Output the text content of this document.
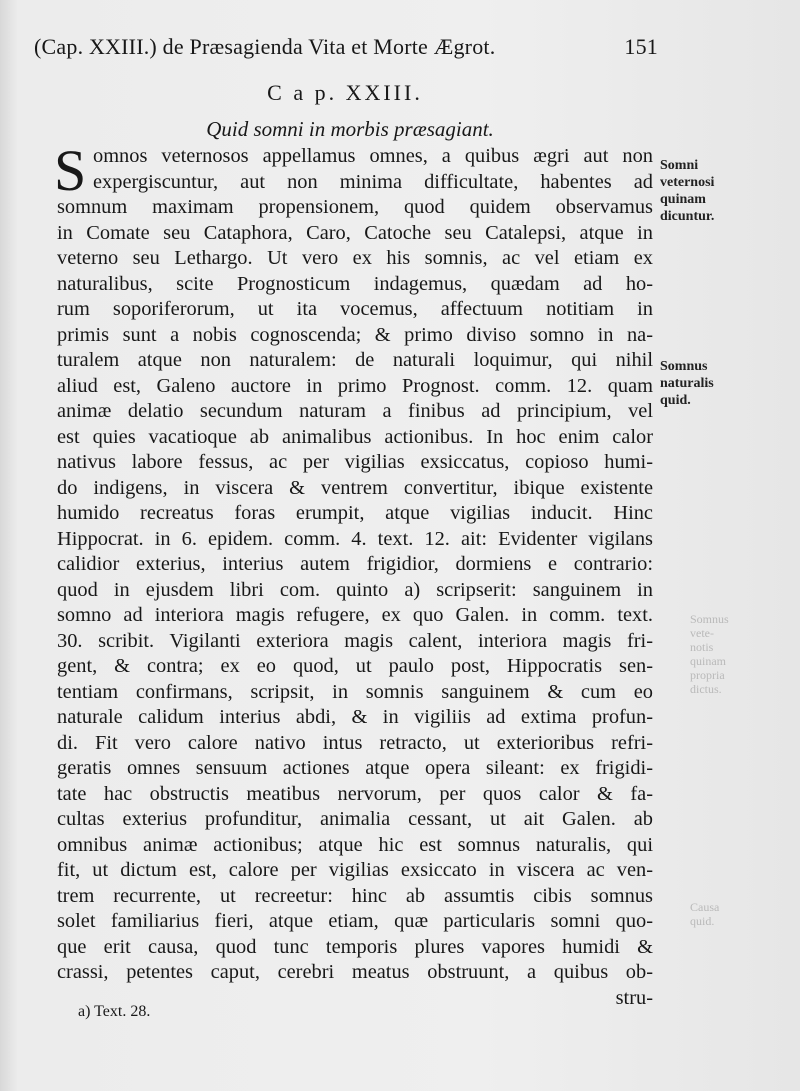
(Cap. XXIII.) de Præsagienda Vita et Morte Ægrot.	151
C a p. XXIII.
Quid somni in morbis præsagiant.
S omnos veternosos appellamus omnes, a quibus ægri aut non
expergiscuntur, aut non minima difficultate, habentes ad
somnum maximam propensionem, quod quidem observamus
in Comate seu Cataphora, Caro, Catoche seu Catalepsi, atque in
veterno seu Lethargo. Ut vero ex his somnis, ac vel etiam ex
naturalibus, scite Prognosticum indagemus, quædam ad ho-
rum soporiferorum, ut ita vocemus, affectuum notitiam in
primis sunt a nobis cognoscenda; & primo diviso somno in na-
turalem atque non naturalem: de naturali loquimur, qui nihil
aliud est, Galeno auctore in primo Prognost. comm. 12. quam
animæ delatio secundum naturam a finibus ad principium, vel
est quies vacatioque ab animalibus actionibus. In hoc enim calor
nativus labore fessus, ac per vigilias exsiccatus, copioso humi-
do indigens, in viscera & ventrem convertitur, ibique existente
humido recreatus foras erumpit, atque vigilias inducit. Hinc
Hippocrat. in 6. epidem. comm. 4. text. 12. ait: Evidenter vigilans
calidior exterius, interius autem frigidior, dormiens e contrario:
quod in ejusdem libri com. quinto a) scripserit: sanguinem in
somno ad interiora magis refugere, ex quo Galen. in comm. text.
30. scribit. Vigilanti exteriora magis calent, interiora magis fri-
gent, & contra; ex eo quod, ut paulo post, Hippocratis sen-
tentiam confirmans, scripsit, in somnis sanguinem & cum eo
naturale calidum interius abdi, & in vigiliis ad extima profun-
di. Fit vero calore nativo intus retracto, ut exterioribus refri-
geratis omnes sensuum actiones atque opera sileant: ex frigidi-
tate hac obstructis meatibus nervorum, per quos calor & fa-
cultas exterius profunditur, animalia cessant, ut ait Galen. ab
omnibus animæ actionibus; atque hic est somnus naturalis, qui
fit, ut dictum est, calore per vigilias exsiccato in viscera ac ven-
trem recurrente, ut recreetur: hinc ab assumtis cibis somnus
solet familiarius fieri, atque etiam, quæ particularis somni quo-
que erit causa, quod tunc temporis plures vapores humidi &
crassi, petentes caput, cerebri meatus obstruunt, a quibus ob-
stru-
Somni
veternosi
quinam
dicuntur.
Somnus
naturalis
quid.
a) Text. 28.
Somnus
vete-
notis
quinam
propria
dictus.
Causa
quid.
